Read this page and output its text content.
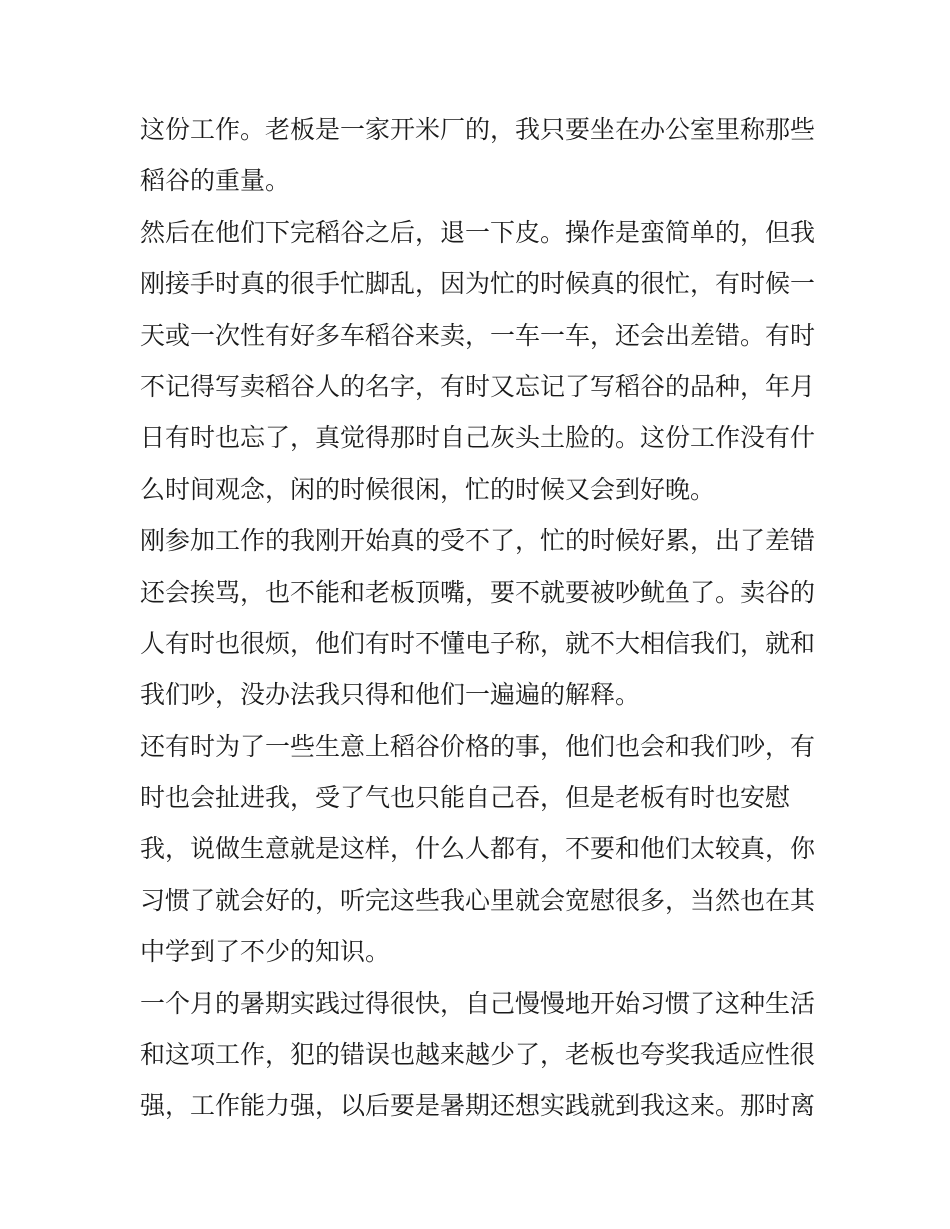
这份工作。老板是一家开米厂的，我只要坐在办公室里称那些
稻谷的重量。
然后在他们下完稻谷之后，退一下皮。操作是蛮简单的，但我
刚接手时真的很手忙脚乱，因为忙的时候真的很忙，有时候一
天或一次性有好多车稻谷来卖，一车一车，还会出差错。有时
不记得写卖稻谷人的名字，有时又忘记了写稻谷的品种，年月
日有时也忘了，真觉得那时自己灰头土脸的。这份工作没有什
么时间观念，闲的时候很闲，忙的时候又会到好晚。
刚参加工作的我刚开始真的受不了，忙的时候好累，出了差错
还会挨骂，也不能和老板顶嘴，要不就要被吵鱿鱼了。卖谷的
人有时也很烦，他们有时不懂电子称，就不大相信我们，就和
我们吵，没办法我只得和他们一遍遍的解释。
还有时为了一些生意上稻谷价格的事，他们也会和我们吵，有
时也会扯进我，受了气也只能自己吞，但是老板有时也安慰
我，说做生意就是这样，什么人都有，不要和他们太较真，你
习惯了就会好的，听完这些我心里就会宽慰很多，当然也在其
中学到了不少的知识。
一个月的暑期实践过得很快，自己慢慢地开始习惯了这种生活
和这项工作，犯的错误也越来越少了，老板也夸奖我适应性很
强，工作能力强，以后要是暑期还想实践就到我这来。那时离
